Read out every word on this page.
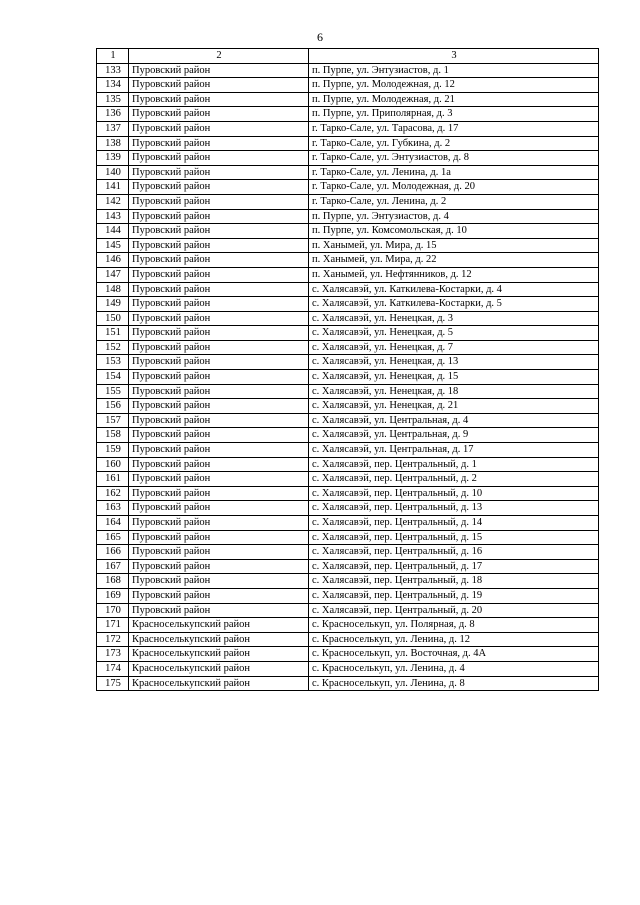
6
1	2	3
133	Пуровский район	п. Пурпе, ул. Энтузиастов, д. 1
134	Пуровский район	п. Пурпе, ул. Молодежная, д. 12
135	Пуровский район	п. Пурпе, ул. Молодежная, д. 21
136	Пуровский район	п. Пурпе, ул. Приполярная, д. 3
137	Пуровский район	г. Тарко-Сале, ул. Тарасова, д. 17
138	Пуровский район	г. Тарко-Сале, ул. Губкина, д. 2
139	Пуровский район	г. Тарко-Сале, ул. Энтузиастов, д. 8
140	Пуровский район	г. Тарко-Сале, ул. Ленина, д. 1а
141	Пуровский район	г. Тарко-Сале, ул. Молодежная, д. 20
142	Пуровский район	г. Тарко-Сале, ул. Ленина, д. 2
143	Пуровский район	п. Пурпе, ул. Энтузиастов, д. 4
144	Пуровский район	п. Пурпе, ул. Комсомольская, д. 10
145	Пуровский район	п. Ханымей, ул. Мира, д. 15
146	Пуровский район	п. Ханымей, ул. Мира, д. 22
147	Пуровский район	п. Ханымей, ул. Нефтянников, д. 12
148	Пуровский район	с. Халясавэй, ул. Каткилева-Костарки, д. 4
149	Пуровский район	с. Халясавэй, ул. Каткилева-Костарки, д. 5
150	Пуровский район	с. Халясавэй, ул. Ненецкая, д. 3
151	Пуровский район	с. Халясавэй, ул. Ненецкая, д. 5
152	Пуровский район	с. Халясавэй, ул. Ненецкая, д. 7
153	Пуровский район	с. Халясавэй, ул. Ненецкая, д. 13
154	Пуровский район	с. Халясавэй, ул. Ненецкая, д. 15
155	Пуровский район	с. Халясавэй, ул. Ненецкая, д. 18
156	Пуровский район	с. Халясавэй, ул. Ненецкая, д. 21
157	Пуровский район	с. Халясавэй, ул. Центральная, д. 4
158	Пуровский район	с. Халясавэй, ул. Центральная, д. 9
159	Пуровский район	с. Халясавэй, ул. Центральная, д. 17
160	Пуровский район	с. Халясавэй, пер. Центральный, д. 1
161	Пуровский район	с. Халясавэй, пер. Центральный, д. 2
162	Пуровский район	с. Халясавэй, пер. Центральный, д. 10
163	Пуровский район	с. Халясавэй, пер. Центральный, д. 13
164	Пуровский район	с. Халясавэй, пер. Центральный, д. 14
165	Пуровский район	с. Халясавэй, пер. Центральный, д. 15
166	Пуровский район	с. Халясавэй, пер. Центральный, д. 16
167	Пуровский район	с. Халясавэй, пер. Центральный, д. 17
168	Пуровский район	с. Халясавэй, пер. Центральный, д. 18
169	Пуровский район	с. Халясавэй, пер. Центральный, д. 19
170	Пуровский район	с. Халясавэй, пер. Центральный, д. 20
171	Красноселькупский район	с. Красноселькуп, ул. Полярная, д. 8
172	Красноселькупский район	с. Красноселькуп, ул. Ленина, д. 12
173	Красноселькупский район	с. Красноселькуп, ул. Восточная, д. 4А
174	Красноселькупский район	с. Красноселькуп, ул. Ленина, д. 4
175	Красноселькупский район	с. Красноселькуп, ул. Ленина, д. 8
